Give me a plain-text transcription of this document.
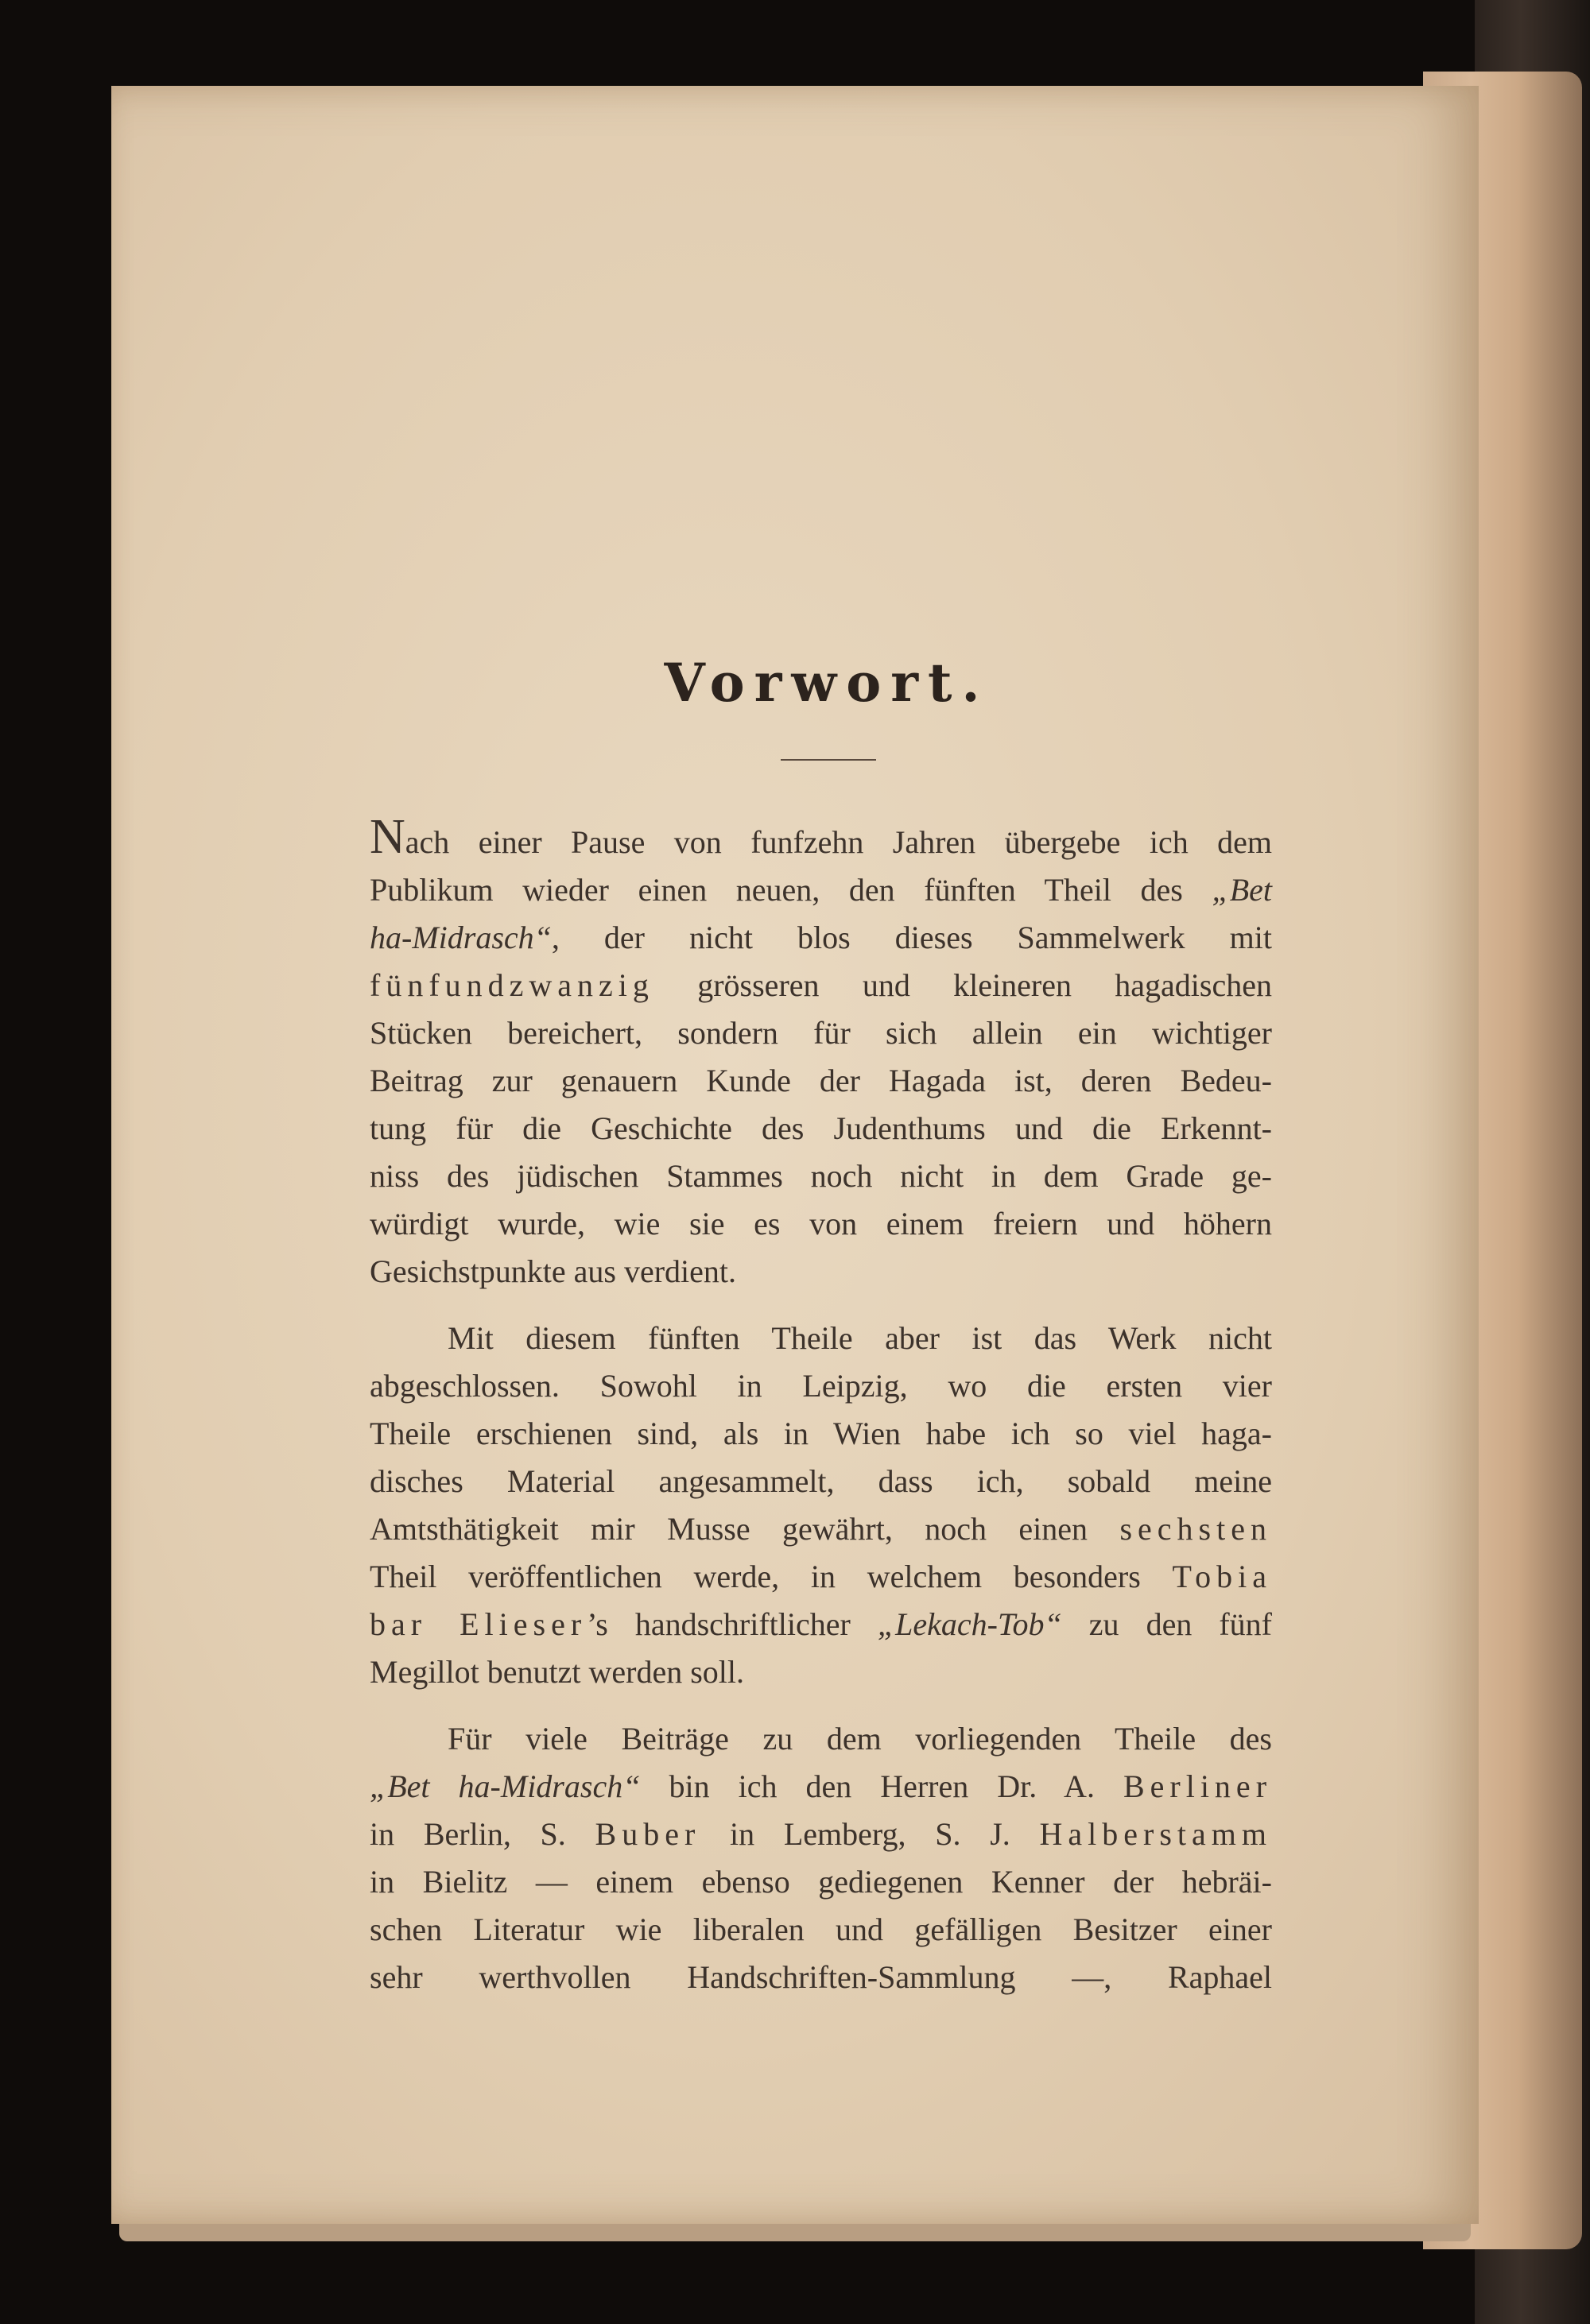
Vorwort.
Nach einer Pause von funfzehn Jahren übergebe ich dem
Publikum wieder einen neuen, den fünften Theil des „Bet
ha-Midrasch“, der nicht blos dieses Sammelwerk mit
fünfundzwanzig grösseren und kleineren hagadischen
Stücken bereichert, sondern für sich allein ein wichtiger
Beitrag zur genauern Kunde der Hagada ist, deren Bedeu-
tung für die Geschichte des Judenthums und die Erkennt-
niss des jüdischen Stammes noch nicht in dem Grade ge-
würdigt wurde, wie sie es von einem freiern und höhern
Gesichstpunkte aus verdient.
Mit diesem fünften Theile aber ist das Werk nicht
abgeschlossen. Sowohl in Leipzig, wo die ersten vier
Theile erschienen sind, als in Wien habe ich so viel haga-
disches Material angesammelt, dass ich, sobald meine
Amtsthätigkeit mir Musse gewährt, noch einen sechsten
Theil veröffentlichen werde, in welchem besonders Tobia
bar Elieser’s handschriftlicher „Lekach-Tob“ zu den fünf
Megillot benutzt werden soll.
Für viele Beiträge zu dem vorliegenden Theile des
„Bet ha-Midrasch“ bin ich den Herren Dr. A. Berliner
in Berlin, S. Buber in Lemberg, S. J. Halberstamm
in Bielitz — einem ebenso gediegenen Kenner der hebräi-
schen Literatur wie liberalen und gefälligen Besitzer einer
sehr werthvollen Handschriften-Sammlung —, Raphael
